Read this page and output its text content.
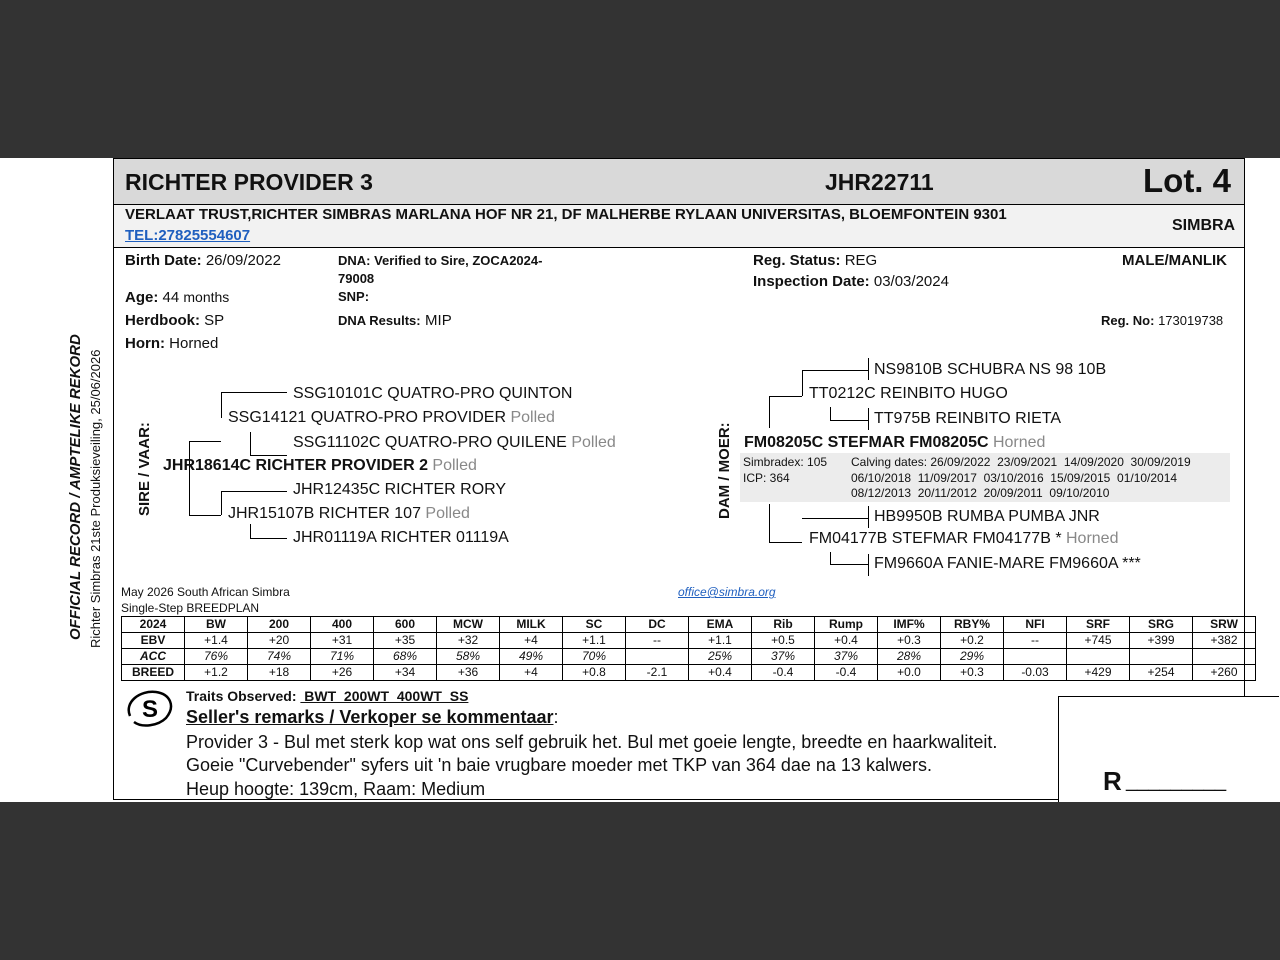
OFFICIAL RECORD / AMPTELIKE REKORD Richter Simbras 21ste Produksieveiling, 25/06/2026
RICHTER PROVIDER 3	JHR22711	Lot. 4
VERLAAT TRUST,RICHTER SIMBRAS MARLANA HOF NR 21, DF MALHERBE RYLAAN UNIVERSITAS, BLOEMFONTEIN 9301
TEL:27825554607
SIMBRA
Birth Date: 26/09/2022
Age: 44 months
Herdbook: SP
Horn: Horned
DNA: Verified to Sire, ZOCA2024-
79008
SNP:
DNA Results: MIP
Reg. Status: REG
Inspection Date: 03/03/2024
MALE/MANLIK
Reg. No: 173019738
SIRE / VAAR:
SSG10101C QUATRO-PRO QUINTON
SSG14121 QUATRO-PRO PROVIDER Polled
SSG11102C QUATRO-PRO QUILENE Polled
JHR18614C RICHTER PROVIDER 2 Polled
JHR12435C RICHTER RORY
JHR15107B RICHTER 107 Polled
JHR01119A RICHTER 01119A
DAM / MOER:
NS9810B SCHUBRA NS 98 10B
TT0212C REINBITO HUGO
TT975B REINBITO RIETA
FM08205C STEFMAR FM08205C Horned
Simbradex: 105
ICP: 364
Calving dates: 26/09/2022  23/09/2021  14/09/2020  30/09/2019
06/10/2018  11/09/2017  03/10/2016  15/09/2015  01/10/2014
08/12/2013  20/11/2012  20/09/2011  09/10/2010
HB9950B RUMBA PUMBA JNR
FM04177B STEFMAR FM04177B * Horned
FM9660A FANIE-MARE FM9660A ***
May 2026 South African Simbra
Single-Step BREEDPLAN
office@simbra.org
2024	BW	200	400	600	MCW	MILK	SC	DC	EMA	Rib	Rump	IMF%	RBY%	NFI	SRF	SRG	SRW
EBV	+1.4	+20	+31	+35	+32	+4	+1.1	--	+1.1	+0.5	+0.4	+0.3	+0.2	--	+745	+399	+382
ACC	76%	74%	71%	68%	58%	49%	70%		25%	37%	37%	28%	29%				
BREED	+1.2	+18	+26	+34	+36	+4	+0.8	-2.1	+0.4	-0.4	-0.4	+0.0	+0.3	-0.03	+429	+254	+260
Traits Observed:  BWT  200WT  400WT  SS
S Seller's remarks / Verkoper se kommentaar:
Provider 3 - Bul met sterk kop wat ons self gebruik het. Bul met goeie lengte, breedte en haarkwaliteit.
Goeie "Curvebender" syfers uit 'n baie vrugbare moeder met TKP van 364 dae na 13 kalwers.
Heup hoogte: 139cm, Raam: Medium	R _________
